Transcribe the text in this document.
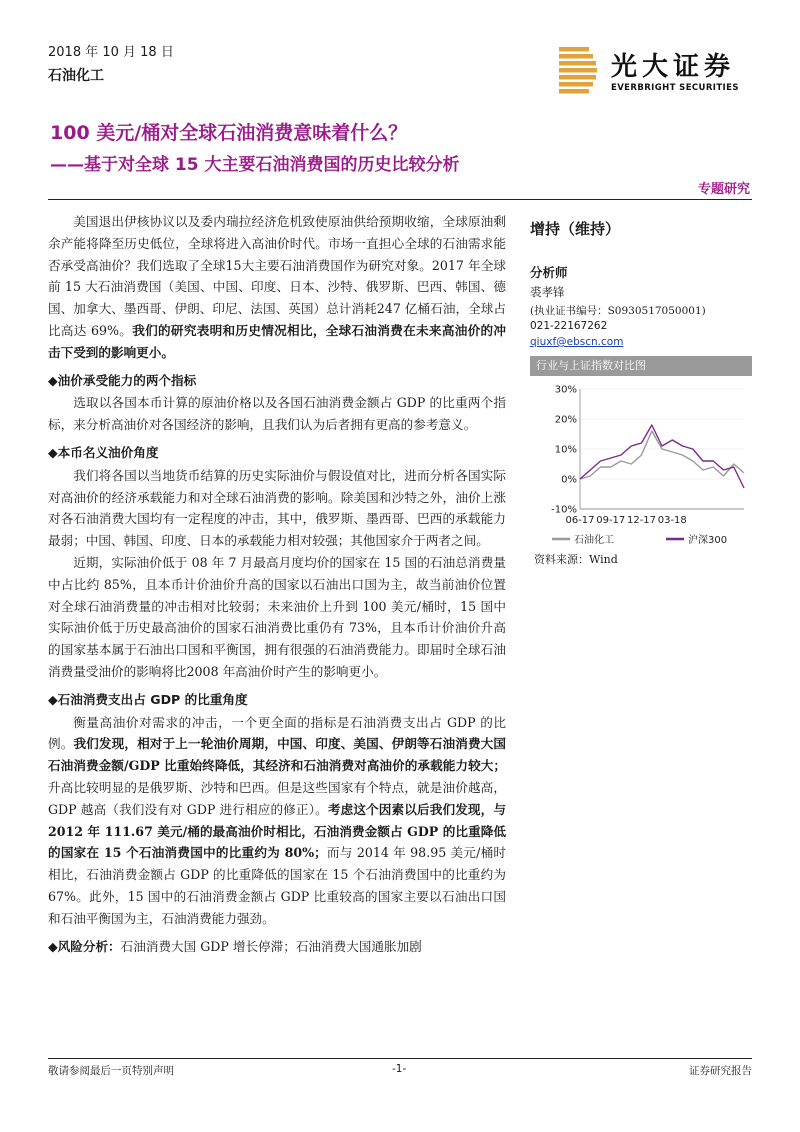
2018 年 10 月 18 日
石油化工	光大证券
EVERBRIGHT SECURITIES
100 美元/桶对全球石油消费意味着什么？
——基于对全球 15 大主要石油消费国的历史比较分析
专题研究

美国退出伊核协议以及委内瑞拉经济危机致使原油供给预期收缩，全球原油剩余产能将降至历史低位，全球将进入高油价时代。市场一直担心全球的石油需求能否承受高油价？我们选取了全球15大主要石油消费国作为研究对象。2017 年全球前 15 大石油消费国（美国、中国、印度、日本、沙特、俄罗斯、巴西、韩国、德国、加拿大、墨西哥、伊朗、印尼、法国、英国）总计消耗247 亿桶石油，全球占比高达 69%。我们的研究表明和历史情况相比，全球石油消费在未来高油价的冲击下受到的影响更小。

◆油价承受能力的两个指标

选取以各国本币计算的原油价格以及各国石油消费金额占 GDP 的比重两个指标，来分析高油价对各国经济的影响，且我们认为后者拥有更高的参考意义。

◆本币名义油价角度

我们将各国以当地货币结算的历史实际油价与假设值对比，进而分析各国实际对高油价的经济承载能力和对全球石油消费的影响。除美国和沙特之外，油价上涨对各石油消费大国均有一定程度的冲击，其中，俄罗斯、墨西哥、巴西的承载能力最弱；中国、韩国、印度、日本的承载能力相对较强；其他国家介于两者之间。

近期，实际油价低于 08 年 7 月最高月度均价的国家在 15 国的石油总消费量中占比约 85%，且本币计价油价升高的国家以石油出口国为主，故当前油价位置对全球石油消费量的冲击相对比较弱；未来油价上升到 100 美元/桶时，15 国中实际油价低于历史最高油价的国家石油消费比重仍有 73%，且本币计价油价升高的国家基本属于石油出口国和平衡国，拥有很强的石油消费能力。即届时全球石油消费量受油价的影响将比2008 年高油价时产生的影响更小。

◆石油消费支出占 GDP 的比重角度

衡量高油价对需求的冲击，一个更全面的指标是石油消费支出占 GDP 的比例。我们发现，相对于上一轮油价周期，中国、印度、美国、伊朗等石油消费大国石油消费金额/GDP 比重始终降低，其经济和石油消费对高油价的承载能力较大；升高比较明显的是俄罗斯、沙特和巴西。但是这些国家有个特点，就是油价越高，GDP 越高（我们没有对 GDP 进行相应的修正）。考虑这个因素以后我们发现，与 2012 年 111.67 美元/桶的最高油价时相比，石油消费金额占 GDP 的比重降低的国家在 15 个石油消费国中的比重约为 80%；而与 2014 年 98.95 美元/桶时相比，石油消费金额占 GDP 的比重降低的国家在 15 个石油消费国中的比重约为 67%。此外，15 国中的石油消费金额占 GDP 比重较高的国家主要以石油出口国和石油平衡国为主，石油消费能力强劲。

◆风险分析：石油消费大国 GDP 增长停滞；石油消费大国通胀加剧

增持（维持）
分析师
裘孝锋
(执业证书编号：S0930517050001)
021-22167262
qiuxf@ebscn.com
行业与上证指数对比图
30%
20%
10%
0%
-10%
06-17 09-17 12-17 03-18
石油化工	沪深300
资料来源：Wind
敬请参阅最后一页特别声明	-1-	证券研究报告
